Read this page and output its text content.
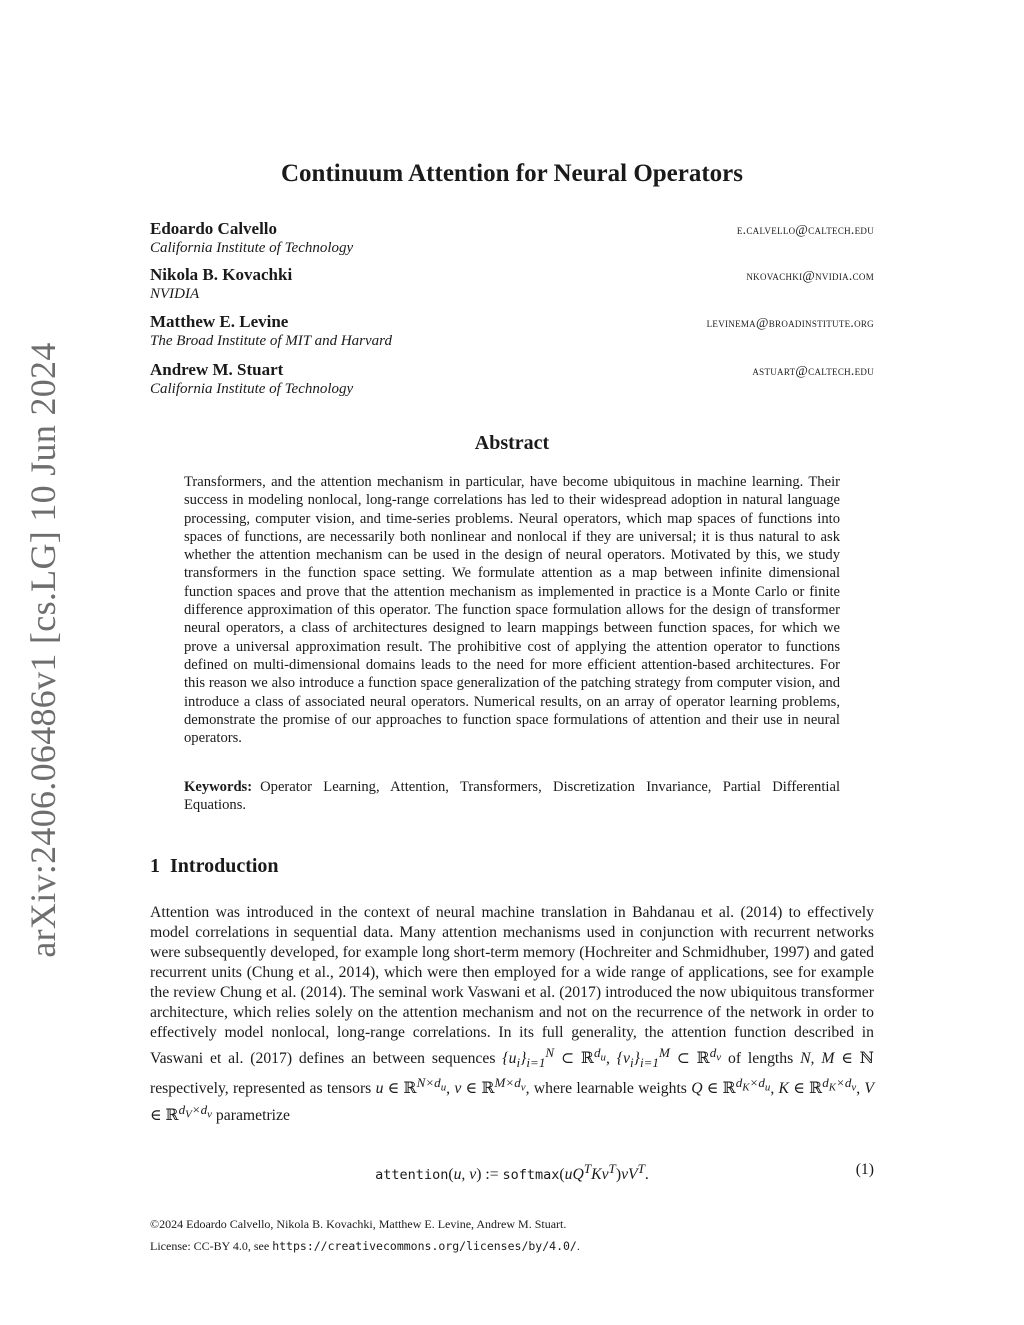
arXiv:2406.06486v1 [cs.LG] 10 Jun 2024
Continuum Attention for Neural Operators
Edoardo Calvello
California Institute of Technology
e.calvello@caltech.edu
Nikola B. Kovachki
NVIDIA
nkovachki@nvidia.com
Matthew E. Levine
The Broad Institute of MIT and Harvard
levinema@broadinstitute.org
Andrew M. Stuart
California Institute of Technology
astuart@caltech.edu
Abstract

Transformers, and the attention mechanism in particular, have become ubiquitous in machine learning. Their success in modeling nonlocal, long-range correlations has led to their widespread adoption in natural language processing, computer vision, and time-series problems. Neural operators, which map spaces of functions into spaces of functions, are necessarily both nonlinear and nonlocal if they are universal; it is thus natural to ask whether the attention mechanism can be used in the design of neural operators. Motivated by this, we study transformers in the function space setting. We formulate attention as a map between infinite dimensional function spaces and prove that the attention mechanism as implemented in practice is a Monte Carlo or finite difference approximation of this operator. The function space formulation allows for the design of transformer neural operators, a class of architectures designed to learn mappings between function spaces, for which we prove a universal approximation result. The prohibitive cost of applying the attention operator to functions defined on multi-dimensional domains leads to the need for more efficient attention-based architectures. For this reason we also introduce a function space generalization of the patching strategy from computer vision, and introduce a class of associated neural operators. Numerical results, on an array of operator learning problems, demonstrate the promise of our approaches to function space formulations of attention and their use in neural operators.

Keywords: Operator Learning, Attention, Transformers, Discretization Invariance, Partial Differential Equations.
1 Introduction

Attention was introduced in the context of neural machine translation in Bahdanau et al. (2014) to effectively model correlations in sequential data. Many attention mechanisms used in conjunction with recurrent networks were subsequently developed, for example long short-term memory (Hochreiter and Schmidhuber, 1997) and gated recurrent units (Chung et al., 2014), which were then employed for a wide range of applications, see for example the review Chung et al. (2014). The seminal work Vaswani et al. (2017) introduced the now ubiquitous transformer architecture, which relies solely on the attention mechanism and not on the recurrence of the network in order to effectively model nonlocal, long-range correlations. In its full generality, the attention function described in Vaswani et al. (2017) defines an between sequences $\{u_i\}_{i=1}^N$ ⊂ ℝ$^{d_u}$, $\{v_i\}_{i=1}^M$ ⊂ ℝ$^{d_v}$ of lengths N, M ∈ ℕ respectively, represented as tensors u ∈ ℝ$^{N\times d_u}$, v ∈ ℝ$^{M\times d_v}$, where learnable weights Q ∈ ℝ$^{d_K\times d_u}$, K ∈ ℝ$^{d_K\times d_v}$, V ∈ ℝ$^{d_V\times d_v}$ parametrize

attention(u, v) := $softmax(uQ^TKv^T)vV^T$.	(1)
©2024 Edoardo Calvello, Nikola B. Kovachki, Matthew E. Levine, Andrew M. Stuart.
License: CC-BY 4.0, see https://creativecommons.org/licenses/by/4.0/.
